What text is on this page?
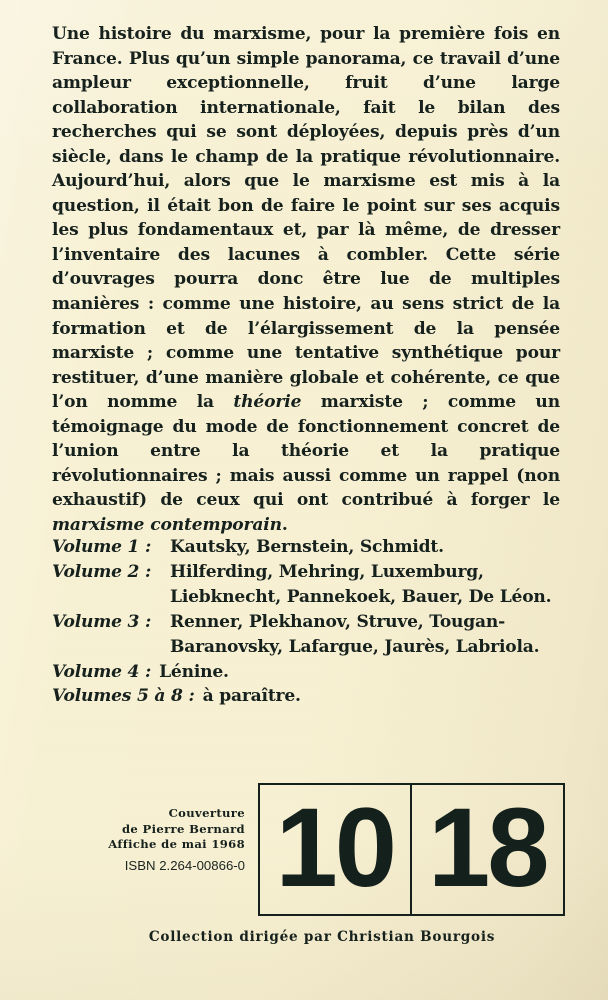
Une histoire du marxisme, pour la première fois en France. Plus qu’un simple panorama, ce travail d’une ampleur exceptionnelle, fruit d’une large collaboration internationale, fait le bilan des recherches qui se sont déployées, depuis près d’un siècle, dans le champ de la pratique révolutionnaire. Aujourd’hui, alors que le marxisme est mis à la question, il était bon de faire le point sur ses acquis les plus fondamentaux et, par là même, de dresser l’inventaire des lacunes à combler. Cette série d’ouvrages pourra donc être lue de multiples manières : comme une histoire, au sens strict de la formation et de l’élargissement de la pensée marxiste ; comme une tentative synthétique pour restituer, d’une manière globale et cohérente, ce que l’on nomme la théorie marxiste ; comme un témoignage du mode de fonctionnement concret de l’union entre la théorie et la pratique révolutionnaires ; mais aussi comme un rappel (non exhaustif) de ceux qui ont contribué à forger le marxisme contemporain.
Volume 1 :	Kautsky, Bernstein, Schmidt.
Volume 2 :	Hilferding, Mehring, Luxemburg, Liebknecht, Pannekoek, Bauer, De Léon.
Volume 3 :	Renner, Plekhanov, Struve, Tougan-Baranovsky, Lafargue, Jaurès, Labriola.
Volume 4 : Lénine.
Volumes 5 à 8 : à paraître.
Couverture
de Pierre Bernard
Affiche de mai 1968
ISBN 2.264-00866-0 10 18
Collection dirigée par Christian Bourgois
